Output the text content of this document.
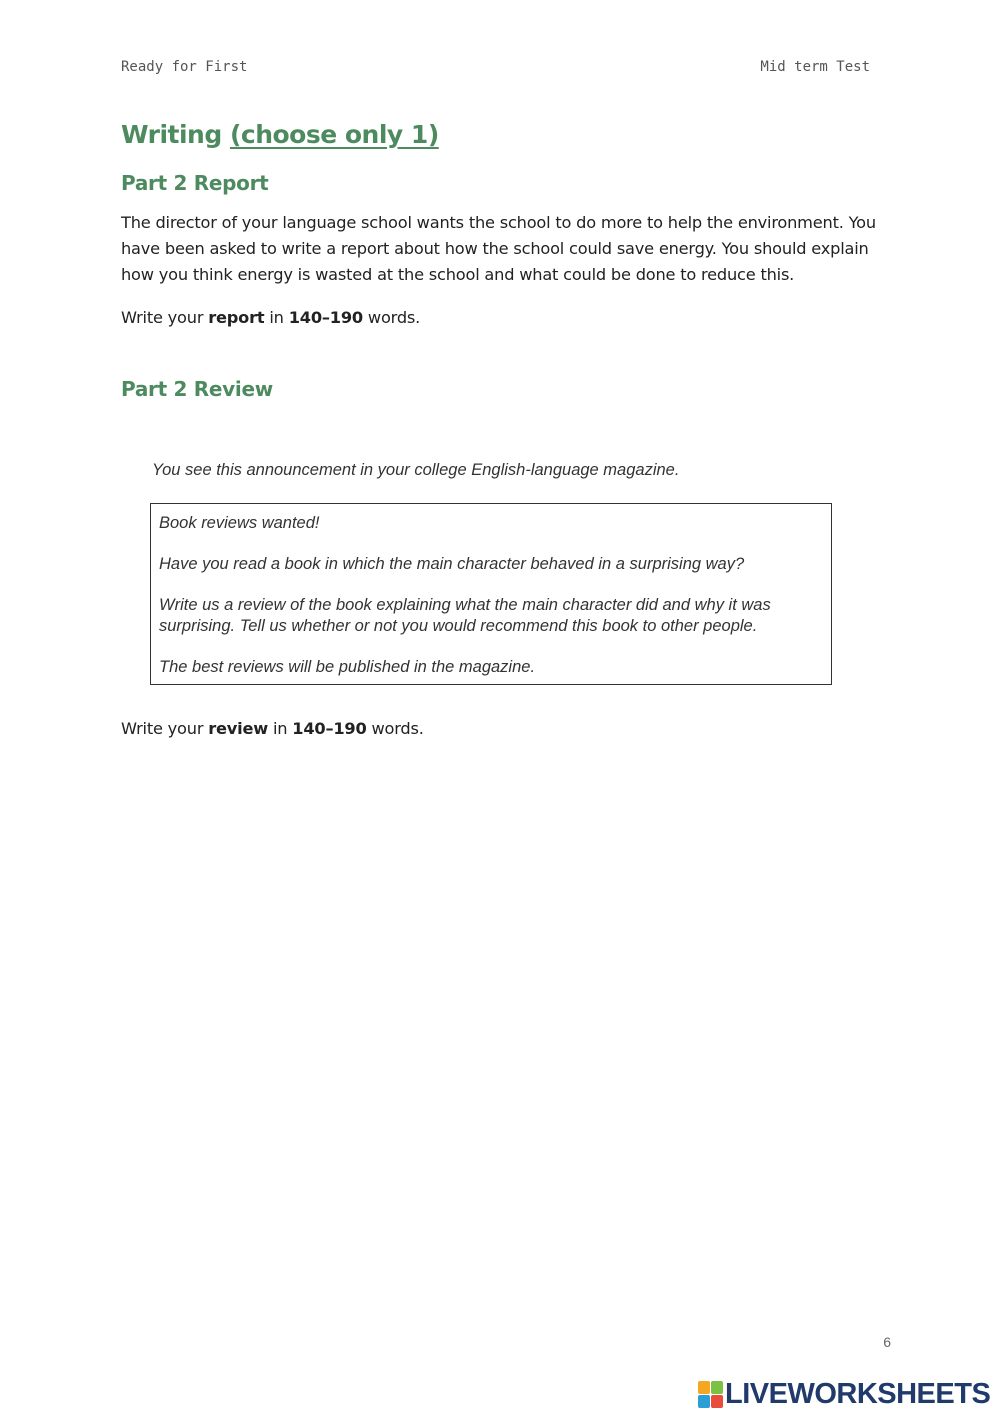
Ready for First	Mid term Test
Writing (choose only 1)
Part 2 Report
The director of your language school wants the school to do more to help the environment. You have been asked to write a report about how the school could save energy. You should explain how you think energy is wasted at the school and what could be done to reduce this.
Write your report in 140–190 words.
Part 2 Review
You see this announcement in your college English-language magazine.

Book reviews wanted!

Have you read a book in which the main character behaved in a surprising way?

Write us a review of the book explaining what the main character did and why it was surprising. Tell us whether or not you would recommend this book to other people.

The best reviews will be published in the magazine.

Write your review in 140–190 words.
6
LIVEWORKSHEETS
